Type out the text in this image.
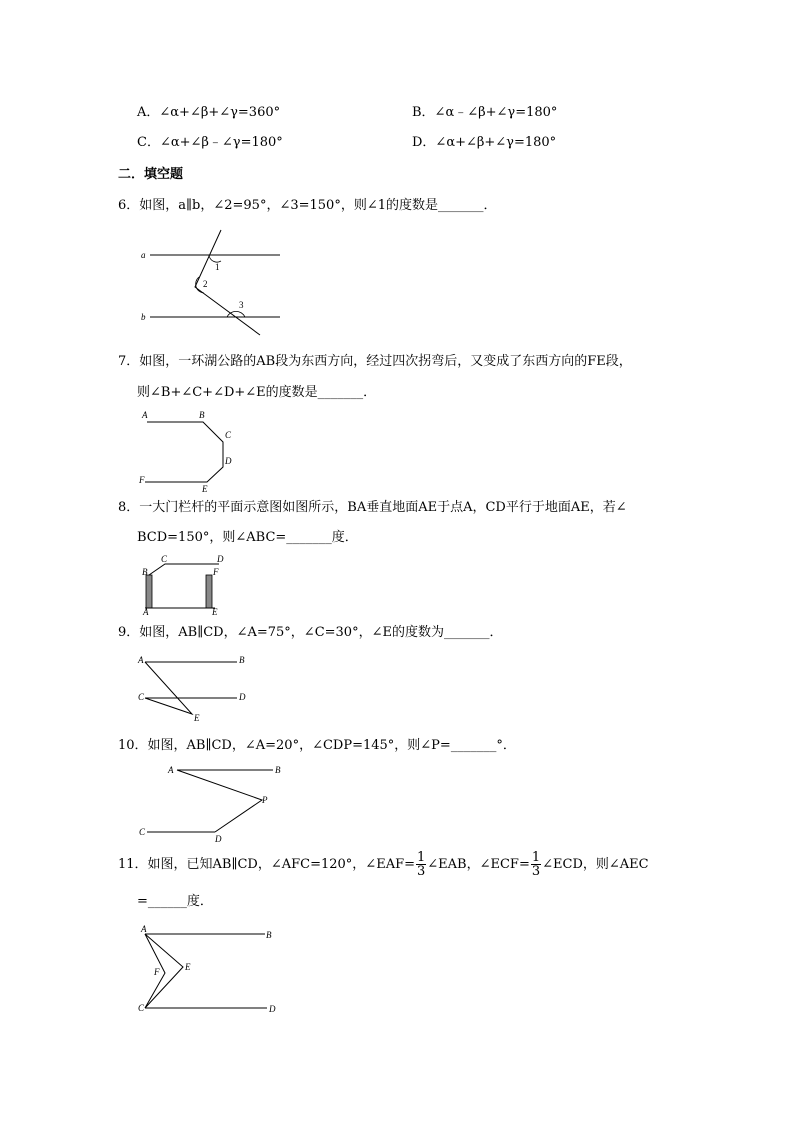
A．∠α+∠β+∠γ=360°	B．∠α﹣∠β+∠γ=180°
C．∠α+∠β﹣∠γ=180°	D．∠α+∠β+∠γ=180°
二．填空题
6．如图，a∥b，∠2=95°，∠3=150°，则∠1的度数是_______．
a
b
1
2
3
7．如图，一环湖公路的AB段为东西方向，经过四次拐弯后，又变成了东西方向的FE段，
则∠B+∠C+∠D+∠E的度数是_______．
A	B
C
D
E
F
8．一大门栏杆的平面示意图如图所示，BA垂直地面AE于点A，CD平行于地面AE，若∠
BCD=150°，则∠ABC=_______度．
B
C	D
F
A	E
9．如图，AB∥CD，∠A=75°，∠C=30°，∠E的度数为_______．
A	B
C	D
E
10．如图，AB∥CD，∠A=20°，∠CDP=145°，则∠P=_______°．
A	B
P
C
D
11．如图，已知AB∥CD，∠AFC=120°，∠EAF= $\frac{1}{3}$ ∠EAB，∠ECF= $\frac{1}{3}$ ∠ECD，则∠AEC
=______度．
A
B
E
F
C	D
